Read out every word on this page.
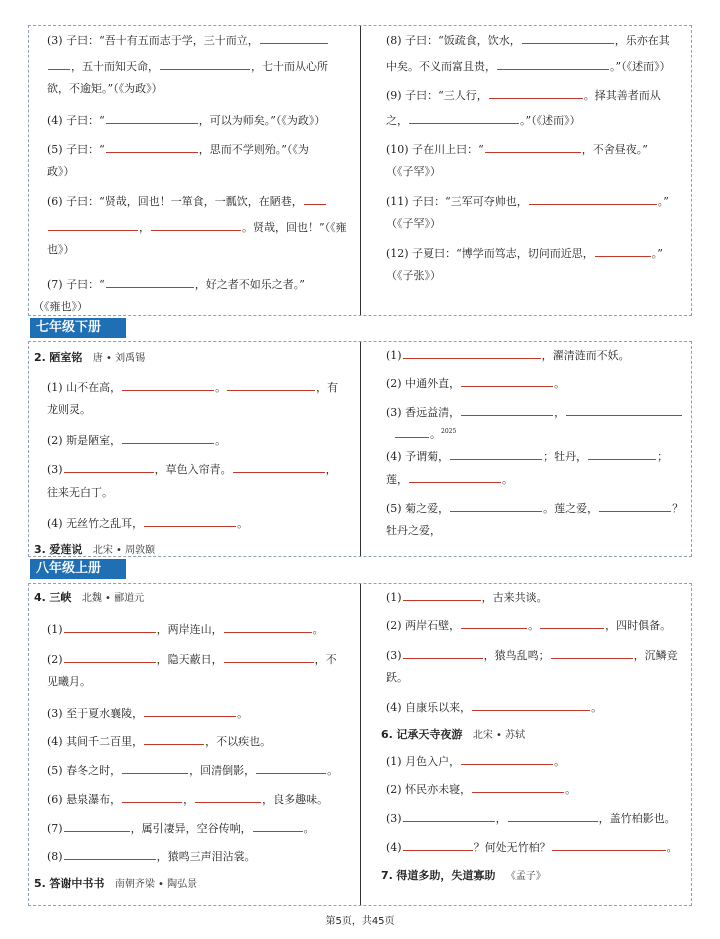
(3) 子曰：“吾十有五而志于学，三十而立，
，五十而知天命，	，七十而从心所
欲，不逾矩。”（《为政》）
(4) 子曰：“	，可以为师矣。”（《为政》）
(5) 子曰：“	，思而不学则殆。”（《为
政》）
(6) 子曰：“贤哉，回也！一箪食，一瓢饮，在陋巷，
，	。贤哉，回也！”（《雍
也》）
(7) 子曰：“	，好之者不如乐之者。”
（《雍也》）
(8) 子曰：“饭疏食，饮水，	，乐亦在其
中矣。不义而富且贵，	。”（《述而》）
(9) 子曰：“三人行，	。择其善者而从
之，	。”（《述而》）
(10) 子在川上曰：“	，不舍昼夜。”
（《子罕》）
(11) 子曰：“三军可夺帅也，	。”
（《子罕》）
(12) 子夏曰：“博学而笃志，切问而近思，	。”
（《子张》）
七年级下册
2. 陋室铭 唐 • 刘禹锡
(1) 山不在高，	。	，有
龙则灵。
(2) 斯是陋室，	。
(3)	，草色入帘青。	，
往来无白丁。
(4) 无丝竹之乱耳，	。
3. 爱莲说 北宋 • 周敦颐
(1)	，濯清涟而不妖。
(2) 中通外直，	。
(3) 香远益清，	，
。$^{2025}$
(4) 予谓菊，	；牡丹，	；
莲，	。
(5) 菊之爱，	。莲之爱，	？
牡丹之爱，
八年级上册
4. 三峡 北魏 • 郦道元
(1)	，两岸连山，	。
(2)	，隐天蔽日，	，不
见曦月。
(3) 至于夏水襄陵，	。
(4) 其间千二百里，	，不以疾也。
(5) 春冬之时，	，回清倒影，	。
(6) 悬泉瀑布，	，	，良多趣味。
(7)	，属引凄异，空谷传响，	。
(8)	，猿鸣三声泪沾裳。
5. 答谢中书书 南朝齐梁 • 陶弘景
(1)	，古来共谈。
(2) 两岸石壁，	。	，四时俱备。
(3)	，猿鸟乱鸣；	，沉鳞竞
跃。
(4) 自康乐以来，	。
6. 记承天寺夜游 北宋 • 苏轼
(1) 月色入户，	。
(2) 怀民亦未寝，	。
(3)	，	，盖竹柏影也。
(4)	？何处无竹柏？	。
7. 得道多助，失道寡助 《孟子》
第5页，共45页
